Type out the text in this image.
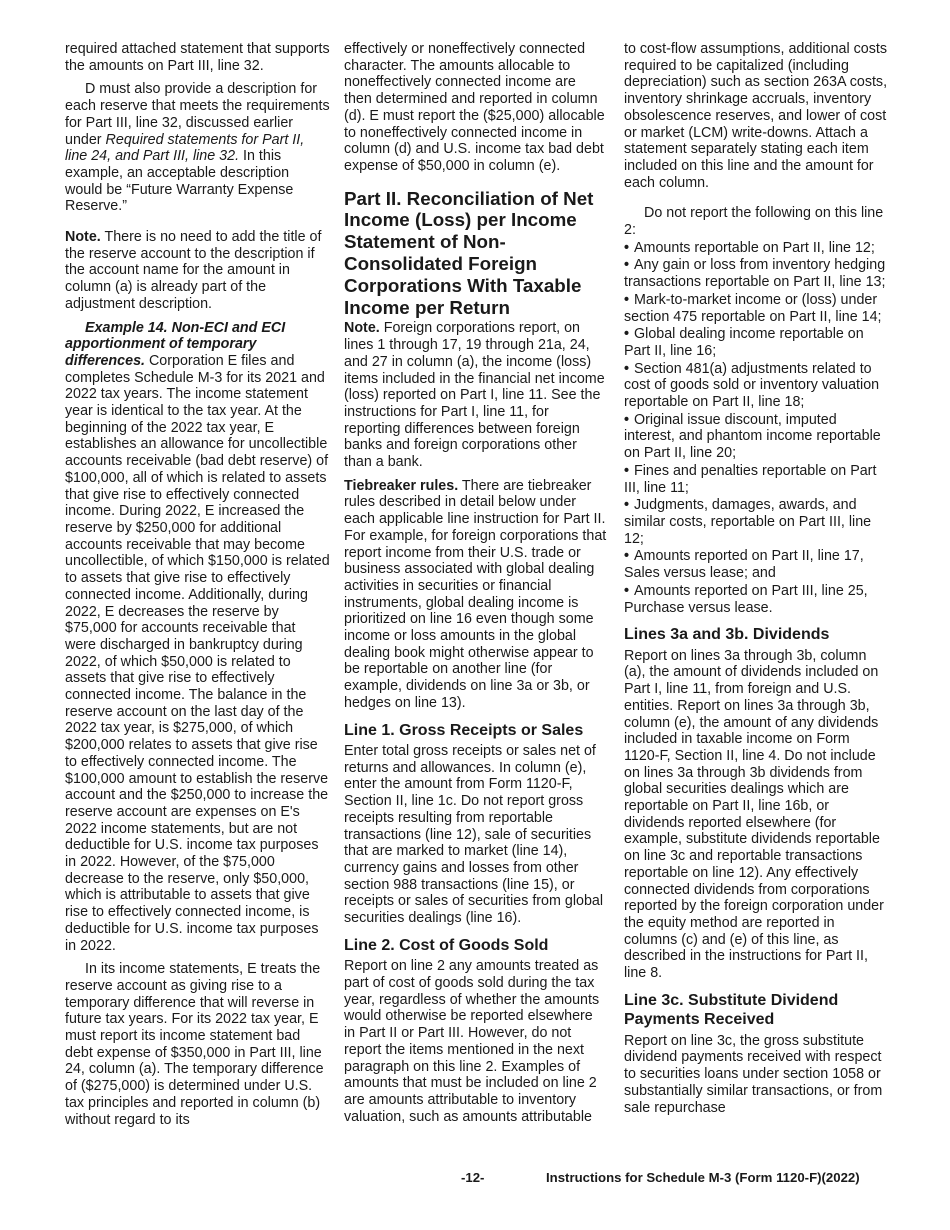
required attached statement that supports the amounts on Part III, line 32.

D must also provide a description for each reserve that meets the requirements for Part III, line 32, discussed earlier under Required statements for Part II, line 24, and Part III, line 32. In this example, an acceptable description would be “Future Warranty Expense Reserve.”

Note. There is no need to add the title of the reserve account to the description if the account name for the amount in column (a) is already part of the adjustment description.

Example 14. Non-ECI and ECI apportionment of temporary differences. Corporation E files and completes Schedule M-3 for its 2021 and 2022 tax years. The income statement year is identical to the tax year. At the beginning of the 2022 tax year, E establishes an allowance for uncollectible accounts receivable (bad debt reserve) of $100,000, all of which is related to assets that give rise to effectively connected income. During 2022, E increased the reserve by $250,000 for additional accounts receivable that may become uncollectible, of which $150,000 is related to assets that give rise to effectively connected income. Additionally, during 2022, E decreases the reserve by $75,000 for accounts receivable that were discharged in bankruptcy during 2022, of which $50,000 is related to assets that give rise to effectively connected income. The balance in the reserve account on the last day of the 2022 tax year, is $275,000, of which $200,000 relates to assets that give rise to effectively connected income. The $100,000 amount to establish the reserve account and the $250,000 to increase the reserve account are expenses on E's 2022 income statements, but are not deductible for U.S. income tax purposes in 2022. However, of the $75,000 decrease to the reserve, only $50,000, which is attributable to assets that give rise to effectively connected income, is deductible for U.S. income tax purposes in 2022.

In its income statements, E treats the reserve account as giving rise to a temporary difference that will reverse in future tax years. For its 2022 tax year, E must report its income statement bad debt expense of $350,000 in Part III, line 24, column (a). The temporary difference of ($275,000) is determined under U.S. tax principles and reported in column (b) without regard to its

effectively or noneffectively connected character. The amounts allocable to noneffectively connected income are then determined and reported in column (d). E must report the ($25,000) allocable to noneffectively connected income in column (d) and U.S. income tax bad debt expense of $50,000 in column (e).

Part II. Reconciliation of Net Income (Loss) per Income Statement of Non-Consolidated Foreign Corporations With Taxable Income per Return

Note. Foreign corporations report, on lines 1 through 17, 19 through 21a, 24, and 27 in column (a), the income (loss) items included in the financial net income (loss) reported on Part I, line 11. See the instructions for Part I, line 11, for reporting differences between foreign banks and foreign corporations other than a bank.

Tiebreaker rules. There are tiebreaker rules described in detail below under each applicable line instruction for Part II. For example, for foreign corporations that report income from their U.S. trade or business associated with global dealing activities in securities or financial instruments, global dealing income is prioritized on line 16 even though some income or loss amounts in the global dealing book might otherwise appear to be reportable on another line (for example, dividends on line 3a or 3b, or hedges on line 13).

Line 1. Gross Receipts or Sales

Enter total gross receipts or sales net of returns and allowances. In column (e), enter the amount from Form 1120-F, Section II, line 1c. Do not report gross receipts resulting from reportable transactions (line 12), sale of securities that are marked to market (line 14), currency gains and losses from other section 988 transactions (line 15), or receipts or sales of securities from global securities dealings (line 16).

Line 2. Cost of Goods Sold

Report on line 2 any amounts treated as part of cost of goods sold during the tax year, regardless of whether the amounts would otherwise be reported elsewhere in Part II or Part III. However, do not report the items mentioned in the next paragraph on this line 2. Examples of amounts that must be included on line 2 are amounts attributable to inventory valuation, such as amounts attributable

to cost-flow assumptions, additional costs required to be capitalized (including depreciation) such as section 263A costs, inventory shrinkage accruals, inventory obsolescence reserves, and lower of cost or market (LCM) write-downs. Attach a statement separately stating each item included on this line and the amount for each column.

Do not report the following on this line 2:

• Amounts reportable on Part II, line 12;

• Any gain or loss from inventory hedging transactions reportable on Part II, line 13;

• Mark-to-market income or (loss) under section 475 reportable on Part II, line 14;

• Global dealing income reportable on Part II, line 16;

• Section 481(a) adjustments related to cost of goods sold or inventory valuation reportable on Part II, line 18;

• Original issue discount, imputed interest, and phantom income reportable on Part II, line 20;

• Fines and penalties reportable on Part III, line 11;

• Judgments, damages, awards, and similar costs, reportable on Part III, line 12;

• Amounts reported on Part II, line 17, Sales versus lease; and

• Amounts reported on Part III, line 25, Purchase versus lease.

Lines 3a and 3b. Dividends

Report on lines 3a through 3b, column (a), the amount of dividends included on Part I, line 11, from foreign and U.S. entities. Report on lines 3a through 3b, column (e), the amount of any dividends included in taxable income on Form 1120-F, Section II, line 4. Do not include on lines 3a through 3b dividends from global securities dealings which are reportable on Part II, line 16b, or dividends reported elsewhere (for example, substitute dividends reportable on line 3c and reportable transactions reportable on line 12). Any effectively connected dividends from corporations reported by the foreign corporation under the equity method are reported in columns (c) and (e) of this line, as described in the instructions for Part II, line 8.

Line 3c. Substitute Dividend Payments Received

Report on line 3c, the gross substitute dividend payments received with respect to securities loans under section 1058 or substantially similar transactions, or from sale repurchase

-12-	Instructions for Schedule M-3 (Form 1120-F)(2022)
